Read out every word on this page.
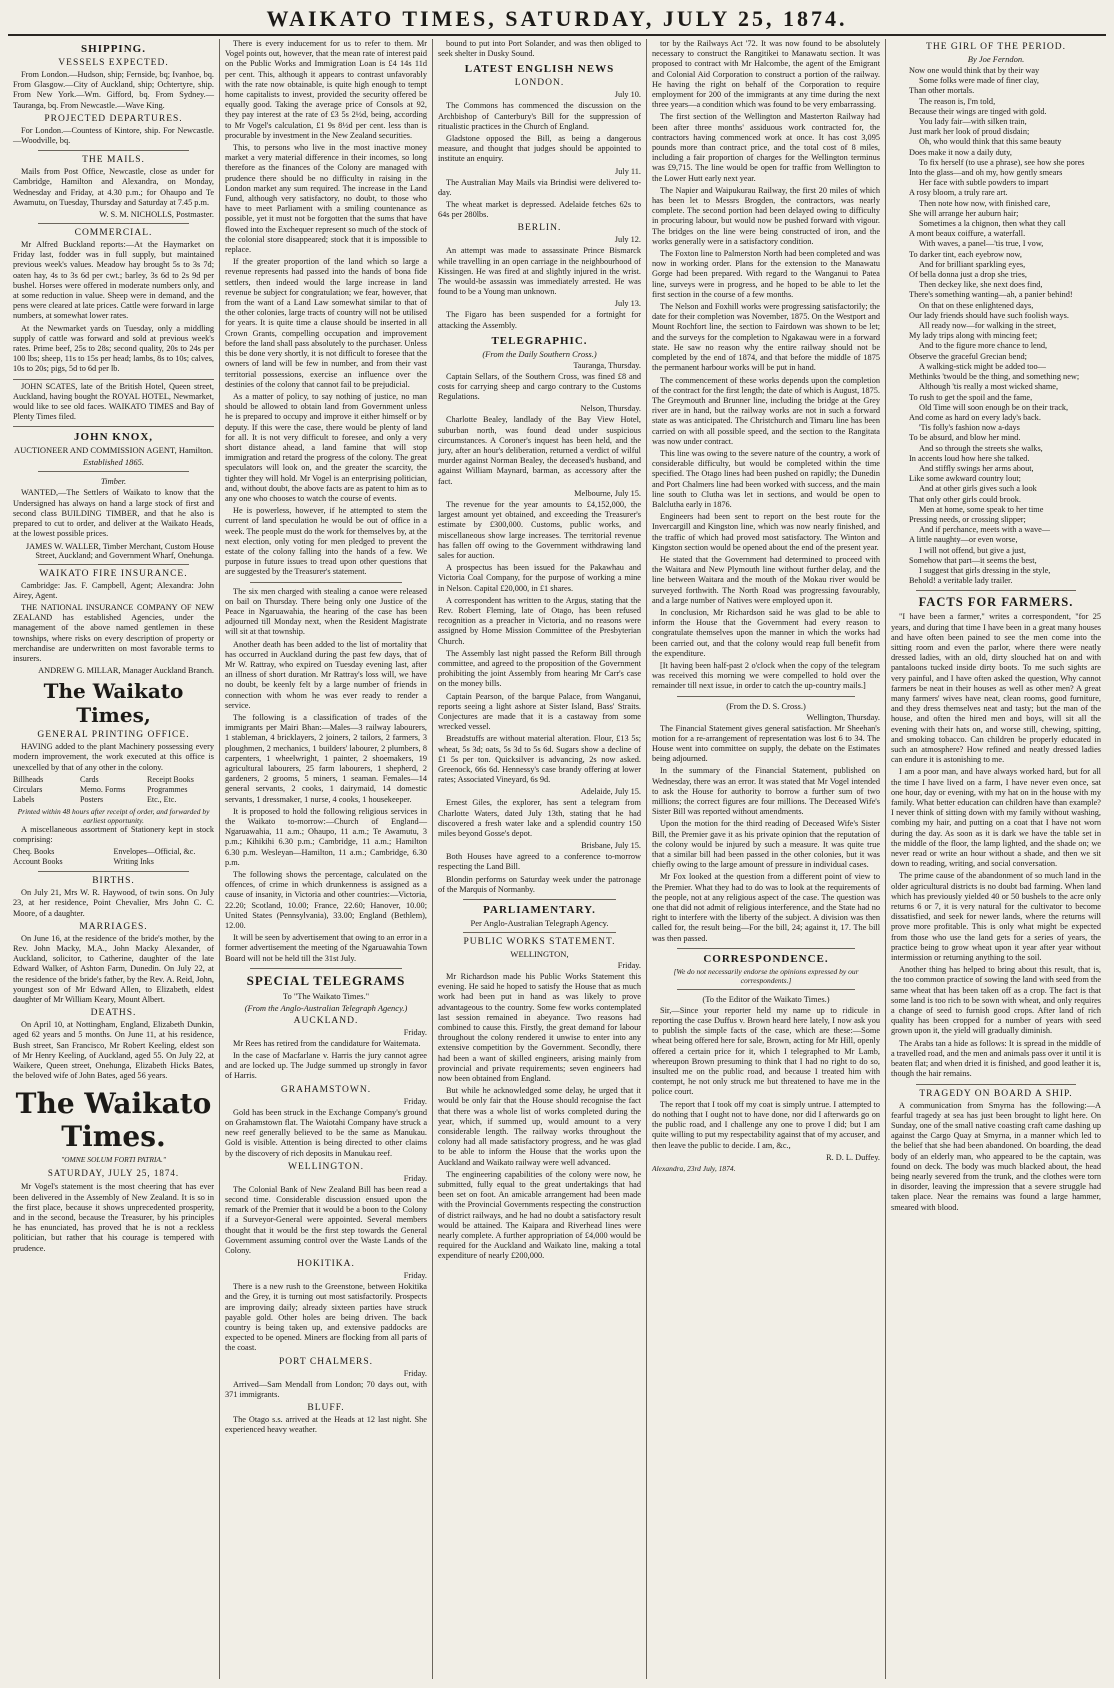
WAIKATO TIMES, SATURDAY, JULY 25, 1874.
SHIPPING.
VESSELS EXPECTED.

From London.—Hudson, ship; Fernside, bq; Ivanhoe, bq. From Glasgow.—City of Auckland, ship; Ochtertyre, ship. From New York.—Wm. Gifford, bq. From Sydney.—Tauranga, bq. From Newcastle.—Wave King.

PROJECTED DEPARTURES.

For London.—Countess of Kintore, ship. For Newcastle.—Woodville, bq.

THE MAILS.

Mails from Post Office, Newcastle, close as under for Cambridge, Hamilton and Alexandra, on Monday, Wednesday and Friday, at 4.30 p.m.; for Ohaupo and Te Awamutu, on Tuesday, Thursday and Saturday at 7.45 p.m.

W. S. M. NICHOLLS, Postmaster.
COMMERCIAL.

Mr Alfred Buckland reports:—At the Haymarket on Friday last, fodder was in full supply, but maintained previous week's values. Meadow hay brought 5s to 3s 7d; oaten hay, 4s to 3s 6d per cwt.; barley, 3s 6d to 2s 9d per bushel. Horses were offered in moderate numbers only, and at some reduction in value. Sheep were in demand, and the pens were cleared at late prices. Cattle were forward in large numbers, at somewhat lower rates.

At the Newmarket yards on Tuesday, only a middling supply of cattle was forward and sold at previous week's rates. Prime beef, 25s to 28s; second quality, 20s to 24s per 100 lbs; sheep, 11s to 15s per head; lambs, 8s to 10s; calves, 10s to 20s; pigs, 5d to 6d per lb.

JOHN SCATES, late of the British Hotel, Queen street, Auckland, having bought the ROYAL HOTEL, Newmarket, would like to see old faces. WAIKATO TIMES and Bay of Plenty Times filed.

JOHN KNOX,
AUCTIONEER AND COMMISSION AGENT, Hamilton.
Established 1865.
Timber.

WANTED,—The Settlers of Waikato to know that the Undersigned has always on hand a large stock of first and second class BUILDING TIMBER, and that he also is prepared to cut to order, and deliver at the Waikato Heads, at the lowest possible prices.

JAMES W. WALLER, Timber Merchant, Custom House Street, Auckland; and Government Wharf, Onehunga.
WAIKATO FIRE INSURANCE.

Cambridge: Jas. F. Campbell, Agent; Alexandra: John Airey, Agent.

THE NATIONAL INSURANCE COMPANY OF NEW ZEALAND has established Agencies, under the management of the above named gentlemen in these townships, where risks on every description of property or merchandise are underwritten on most favorable terms to insurers.

ANDREW G. MILLAR, Manager Auckland Branch.
The Waikato Times,
GENERAL PRINTING OFFICE.

HAVING added to the plant Machinery possessing every modern improvement, the work executed at this office is unexcelled by that of any other in the colony.

Billheads	Cards	Receipt Books
Circulars	Memo. Forms	Programmes
Labels	Posters	Etc., Etc.
Printed within 48 hours after receipt of order, and forwarded by earliest opportunity.

A miscellaneous assortment of Stationery kept in stock comprising:

Cheq. Books	Envelopes—Official, &c.
Account Books	Writing Inks
BIRTHS.

On July 21, Mrs W. R. Haywood, of twin sons. On July 23, at her residence, Point Chevalier, Mrs John C. C. Moore, of a daughter.

MARRIAGES.

On June 16, at the residence of the bride's mother, by the Rev. John Macky, M.A., John Macky Alexander, of Auckland, solicitor, to Catherine, daughter of the late Edward Walker, of Ashton Farm, Dunedin. On July 22, at the residence of the bride's father, by the Rev. A. Reid, John, youngest son of Mr Edward Allen, to Elizabeth, eldest daughter of Mr William Keary, Mount Albert.

DEATHS.

On April 10, at Nottingham, England, Elizabeth Dunkin, aged 62 years and 5 months. On June 11, at his residence, Bush street, San Francisco, Mr Robert Keeling, eldest son of Mr Henry Keeling, of Auckland, aged 55. On July 22, at Waikere, Queen street, Onehunga, Elizabeth Hicks Bates, the beloved wife of John Bates, aged 56 years.

The Waikato Times.
"OMNE SOLUM FORTI PATRIA."
SATURDAY, JULY 25, 1874.

Mr Vogel's statement is the most cheering that has ever been delivered in the Assembly of New Zealand. It is so in the first place, because it shows unprecedented prosperity, and in the second, because the Treasurer, by his principles he has enunciated, has proved that he is not a reckless politician, but rather that his courage is tempered with prudence.

There is every inducement for us to refer to them. Mr Vogel points out, however, that the mean rate of interest paid on the Public Works and Immigration Loan is £4 14s 11d per cent. This, although it appears to contrast unfavorably with the rate now obtainable, is quite high enough to tempt home capitalists to invest, provided the security offered be equally good. Taking the average price of Consols at 92, they pay interest at the rate of £3 5s 2½d, being, according to Mr Vogel's calculation, £1 9s 8½d per cent. less than is procurable by investment in the New Zealand securities.

This, to persons who live in the most inactive money market a very material difference in their incomes, so long therefore as the finances of the Colony are managed with prudence there should be no difficulty in raising in the London market any sum required. The increase in the Land Fund, although very satisfactory, no doubt, to those who have to meet Parliament with a smiling countenance as possible, yet it must not be forgotten that the sums that have flowed into the Exchequer represent so much of the stock of the colonial store disappeared; stock that it is impossible to replace.

If the greater proportion of the land which so large a revenue represents had passed into the hands of bona fide settlers, then indeed would the large increase in land revenue be subject for congratulation; we fear, however, that from the want of a Land Law somewhat similar to that of the other colonies, large tracts of country will not be utilised for years. It is quite time a clause should be inserted in all Crown Grants, compelling occupation and improvement before the land shall pass absolutely to the purchaser. Unless this be done very shortly, it is not difficult to foresee that the owners of land will be few in number, and from their vast territorial possessions, exercise an influence over the destinies of the colony that cannot fail to be prejudicial.

As a matter of policy, to say nothing of justice, no man should be allowed to obtain land from Government unless he is prepared to occupy and improve it either himself or by deputy. If this were the case, there would be plenty of land for all. It is not very difficult to foresee, and only a very short distance ahead, a land famine that will stop immigration and retard the progress of the colony. The great speculators will look on, and the greater the scarcity, the tighter they will hold. Mr Vogel is an enterprising politician, and, without doubt, the above facts are as patent to him as to any one who chooses to watch the course of events.

He is powerless, however, if he attempted to stem the current of land speculation he would be out of office in a week. The people must do the work for themselves by, at the next election, only voting for men pledged to prevent the estate of the colony falling into the hands of a few. We purpose in future issues to tread upon other questions that are suggested by the Treasurer's statement.

The six men charged with stealing a canoe were released on bail on Thursday. There being only one Justice of the Peace in Ngaruawahia, the hearing of the case has been adjourned till Monday next, when the Resident Magistrate will sit at that township.

Another death has been added to the list of mortality that has occurred in Auckland during the past few days, that of Mr W. Rattray, who expired on Tuesday evening last, after an illness of short duration. Mr Rattray's loss will, we have no doubt, be keenly felt by a large number of friends in connection with whom he was ever ready to render a service.

The following is a classification of trades of the immigrants per Mairi Bhan:—Males—3 railway labourers, 1 stableman, 4 bricklayers, 2 joiners, 2 tailors, 2 farmers, 3 ploughmen, 2 mechanics, 1 builders' labourer, 2 plumbers, 8 carpenters, 1 wheelwright, 1 painter, 2 shoemakers, 19 agricultural labourers, 25 farm labourers, 1 shepherd, 2 gardeners, 2 grooms, 5 miners, 1 seaman. Females—14 general servants, 2 cooks, 1 dairymaid, 14 domestic servants, 1 dressmaker, 1 nurse, 4 cooks, 1 housekeeper.

It is proposed to hold the following religious services in the Waikato to-morrow:—Church of England—Ngaruawahia, 11 a.m.; Ohaupo, 11 a.m.; Te Awamutu, 3 p.m.; Kihikihi 6.30 p.m.; Cambridge, 11 a.m.; Hamilton 6.30 p.m. Wesleyan—Hamilton, 11 a.m.; Cambridge, 6.30 p.m.

The following shows the percentage, calculated on the offences, of crime in which drunkenness is assigned as a cause of insanity, in Victoria and other countries:—Victoria, 22.20; Scotland, 10.00; France, 22.60; Hanover, 10.00; United States (Pennsylvania), 33.00; England (Bethlem), 12.00.

It will be seen by advertisement that owing to an error in a former advertisement the meeting of the Ngaruawahia Town Board will not be held till the 31st July.

SPECIAL TELEGRAMS
To "The Waikato Times."
(From the Anglo-Australian Telegraph Agency.)
AUCKLAND.
Friday.

Mr Rees has retired from the candidature for Waitemata.

In the case of Macfarlane v. Harris the jury cannot agree and are locked up. The Judge summed up strongly in favor of Harris.

GRAHAMSTOWN.
Friday.

Gold has been struck in the Exchange Company's ground on Grahamstown flat. The Waiotahi Company have struck a new reef generally believed to be the same as Manukau. Gold is visible. Attention is being directed to other claims by the discovery of rich deposits in Manukau reef.

WELLINGTON.
Friday.

The Colonial Bank of New Zealand Bill has been read a second time. Considerable discussion ensued upon the remark of the Premier that it would be a boon to the Colony if a Surveyor-General were appointed. Several members thought that it would be the first step towards the General Government assuming control over the Waste Lands of the Colony.

HOKITIKA.
Friday.

There is a new rush to the Greenstone, between Hokitika and the Grey, it is turning out most satisfactorily. Prospects are improving daily; already sixteen parties have struck payable gold. Other holes are being driven. The back country is being taken up, and extensive paddocks are expected to be opened. Miners are flocking from all parts of the coast.

PORT CHALMERS.
Friday.

Arrived—Sam Mendall from London; 70 days out, with 371 immigrants.

BLUFF.

The Otago s.s. arrived at the Heads at 12 last night. She experienced heavy weather.

bound to put into Port Solander, and was then obliged to seek shelter in Dusky Sound.

LATEST ENGLISH NEWS
LONDON.
July 10.

The Commons has commenced the discussion on the Archbishop of Canterbury's Bill for the suppression of ritualistic practices in the Church of England.

Gladstone opposed the Bill, as being a dangerous measure, and thought that judges should be appointed to institute an enquiry.

July 11.

The Australian May Mails via Brindisi were delivered to-day.

The wheat market is depressed. Adelaide fetches 62s to 64s per 280lbs.

BERLIN.
July 12.

An attempt was made to assassinate Prince Bismarck while travelling in an open carriage in the neighbourhood of Kissingen. He was fired at and slightly injured in the wrist. The would-be assassin was immediately arrested. He was found to be a Young man unknown.

July 13.

The Figaro has been suspended for a fortnight for attacking the Assembly.

TELEGRAPHIC.
(From the Daily Southern Cross.)
Tauranga, Thursday.

Captain Sellars, of the Southern Cross, was fined £8 and costs for carrying sheep and cargo contrary to the Customs Regulations.

Nelson, Thursday.

Charlotte Bealey, landlady of the Bay View Hotel, suburban north, was found dead under suspicious circumstances. A Coroner's inquest has been held, and the jury, after an hour's deliberation, returned a verdict of wilful murder against Norman Bealey, the deceased's husband, and against William Maynard, barman, as accessory after the fact.

Melbourne, July 15.

The revenue for the year amounts to £4,152,000, the largest amount yet obtained, and exceeding the Treasurer's estimate by £300,000. Customs, public works, and miscellaneous show large increases. The territorial revenue has fallen off owing to the Government withdrawing land sales for auction.

A prospectus has been issued for the Pakawhau and Victoria Coal Company, for the purpose of working a mine in Nelson. Capital £20,000, in £1 shares.

A correspondent has written to the Argus, stating that the Rev. Robert Fleming, late of Otago, has been refused recognition as a preacher in Victoria, and no reasons were assigned by Home Mission Committee of the Presbyterian Church.

The Assembly last night passed the Reform Bill through committee, and agreed to the proposition of the Government prohibiting the joint Assembly from hearing Mr Carr's case on the money bills.

Captain Pearson, of the barque Palace, from Wanganui, reports seeing a light ashore at Sister Island, Bass' Straits. Conjectures are made that it is a castaway from some wrecked vessel.

Breadstuffs are without material alteration. Flour, £13 5s; wheat, 5s 3d; oats, 5s 3d to 5s 6d. Sugars show a decline of £1 5s per ton. Quicksilver is advancing, 2s now asked. Greenock, 66s 6d. Hennessy's case brandy offering at lower rates; Associated Vineyard, 6s 9d.

Adelaide, July 15.

Ernest Giles, the explorer, has sent a telegram from Charlotte Waters, dated July 13th, stating that he had discovered a fresh water lake and a splendid country 150 miles beyond Gosse's depot.

Brisbane, July 15.

Both Houses have agreed to a conference to-morrow respecting the Land Bill.

Blondin performs on Saturday week under the patronage of the Marquis of Normanby.

PARLIAMENTARY.
Per Anglo-Australian Telegraph Agency.
PUBLIC WORKS STATEMENT.
WELLINGTON,
Friday.

Mr Richardson made his Public Works Statement this evening. He said he hoped to satisfy the House that as much work had been put in hand as was likely to prove advantageous to the country. Some few works contemplated last session remained in abeyance. Two reasons had combined to cause this. Firstly, the great demand for labour throughout the colony rendered it unwise to enter into any extensive competition by the Government. Secondly, there had been a want of skilled engineers, arising mainly from provincial and private requirements; seven engineers had now been obtained from England.

But while he acknowledged some delay, he urged that it would be only fair that the House should recognise the fact that there was a whole list of works completed during the year, which, if summed up, would amount to a very considerable length. The railway works throughout the colony had all made satisfactory progress, and he was glad to be able to inform the House that the works upon the Auckland and Waikato railway were well advanced.

The engineering capabilities of the colony were now, he submitted, fully equal to the great undertakings that had been set on foot. An amicable arrangement had been made with the Provincial Governments respecting the construction of district railways, and he had no doubt a satisfactory result would be attained. The Kaipara and Riverhead lines were nearly complete. A further appropriation of £4,000 would be required for the Auckland and Waikato line, making a total expenditure of nearly £200,000.

tor by the Railways Act '72. It was now found to be absolutely necessary to construct the Rangitikei to Manawatu section. It was proposed to contract with Mr Halcombe, the agent of the Emigrant and Colonial Aid Corporation to construct a portion of the railway. He having the right on behalf of the Corporation to require employment for 200 of the immigrants at any time during the next three years—a condition which was found to be very embarrassing.

The first section of the Wellington and Masterton Railway had been after three months' assiduous work contracted for, the contractors having commenced work at once. It has cost 3,095 pounds more than contract price, and the total cost of 8 miles, including a fair proportion of charges for the Wellington terminus was £9,715. The line would be open for traffic from Wellington to the Lower Hutt early next year.

The Napier and Waipukurau Railway, the first 20 miles of which has been let to Messrs Brogden, the contractors, was nearly complete. The second portion had been delayed owing to difficulty in procuring labour, but would now be pushed forward with vigour. The bridges on the line were being constructed of iron, and the works generally were in a satisfactory condition.

The Foxton line to Palmerston North had been completed and was now in working order. Plans for the extension to the Manawatu Gorge had been prepared. With regard to the Wanganui to Patea line, surveys were in progress, and he hoped to be able to let the first section in the course of a few months.

The Nelson and Foxhill works were progressing satisfactorily; the date for their completion was November, 1875. On the Westport and Mount Rochfort line, the section to Fairdown was shown to be let; and the surveys for the completion to Ngakawau were in a forward state. He saw no reason why the entire railway should not be completed by the end of 1874, and that before the middle of 1875 the permanent harbour works will be put in hand.

The commencement of these works depends upon the completion of the contract for the first length; the date of which is August, 1875. The Greymouth and Brunner line, including the bridge at the Grey river are in hand, but the railway works are not in such a forward state as was anticipated. The Christchurch and Timaru line has been carried on with all possible speed, and the section to the Rangitata was now under contract.

This line was owing to the severe nature of the country, a work of considerable difficulty, but would be completed within the time specified. The Otago lines had been pushed on rapidly; the Dunedin and Port Chalmers line had been worked with success, and the main line south to Clutha was let in sections, and would be open to Balclutha early in 1876.

Engineers had been sent to report on the best route for the Invercargill and Kingston line, which was now nearly finished, and the traffic of which had proved most satisfactory. The Winton and Kingston section would be opened about the end of the present year.

He stated that the Government had determined to proceed with the Waitara and New Plymouth line without further delay, and the line between Waitara and the mouth of the Mokau river would be surveyed forthwith. The North Road was progressing favourably, and a large number of Natives were employed upon it.

In conclusion, Mr Richardson said he was glad to be able to inform the House that the Government had every reason to congratulate themselves upon the manner in which the works had been carried out, and that the colony would reap full benefit from the expenditure.

[It having been half-past 2 o'clock when the copy of the telegram was received this morning we were compelled to hold over the remainder till next issue, in order to catch the up-country mails.]

(From the D. S. Cross.)
Wellington, Thursday.

The Financial Statement gives general satisfaction. Mr Sheehan's motion for a re-arrangement of representation was lost 6 to 34. The House went into committee on supply, the debate on the Estimates being adjourned.

In the summary of the Financial Statement, published on Wednesday, there was an error. It was stated that Mr Vogel intended to ask the House for authority to borrow a further sum of two millions; the correct figures are four millions. The Deceased Wife's Sister Bill was reported without amendments.

Upon the motion for the third reading of Deceased Wife's Sister Bill, the Premier gave it as his private opinion that the reputation of the colony would be injured by such a measure. It was quite true that a similar bill had been passed in the other colonies, but it was chiefly owing to the large amount of pressure in individual cases.

Mr Fox looked at the question from a different point of view to the Premier. What they had to do was to look at the requirements of the people, not at any religious aspect of the case. The question was one that did not admit of religious interference, and the State had no right to interfere with the liberty of the subject. A division was then called for, the result being—For the bill, 24; against it, 17. The bill was then passed.

CORRESPONDENCE.
[We do not necessarily endorse the opinions expressed by our correspondents.]
(To the Editor of the Waikato Times.)

Sir,—Since your reporter held my name up to ridicule in reporting the case Duffus v. Brown heard here lately, I now ask you to publish the simple facts of the case, which are these:—Some wheat being offered here for sale, Brown, acting for Mr Hill, openly offered a certain price for it, which I telegraphed to Mr Lamb, whereupon Brown presuming to think that I had no right to do so, insulted me on the public road, and because I treated him with contempt, he not only struck me but threatened to have me in the police court.

The report that I took off my coat is simply untrue. I attempted to do nothing that I ought not to have done, nor did I afterwards go on the public road, and I challenge any one to prove I did; but I am quite willing to put my respectability against that of my accuser, and then leave the public to decide. I am, &c.,

R. D. L. Duffey.
Alexandra, 23rd July, 1874.
THE GIRL OF THE PERIOD.
By Joe Ferndon.
Now one would think that by their way
Some folks were made of finer clay,
Than other mortals.
The reason is, I'm told,
Because their wings are tinged with gold.
You lady fair—with silken train,
Just mark her look of proud disdain;
Oh, who would think that this same beauty
Does make it now a daily duty,
To fix herself (to use a phrase), see how she pores
Into the glass—and oh my, how gently smears
Her face with subtle powders to impart
A rosy bloom, a truly rare art.
Then note how now, with finished care,
She will arrange her auburn hair;
Sometimes a la chignon, then what they call
A mont beaux coiffure, a waterfall.
With waves, a panel—'tis true, I vow,
To darker tint, each eyebrow now,
And for brilliant sparkling eyes,
Of bella donna just a drop she tries,
Then deckey like, she next does find,
There's something wanting—ah, a panier behind!
On that on these enlightened days,
Our lady friends should have such foolish ways.
All ready now—for walking in the street,
My lady trips along with mincing feet;
And to the figure more chance to lend,
Observe the graceful Grecian bend;
A walking-stick might be added too—
Methinks 'twould be the thing, and something new;
Although 'tis really a most wicked shame,
To rush to get the spoil and the fame,
Old Time will soon enough be on their track,
And come as hard on every lady's back.
'Tis folly's fashion now a-days
To be absurd, and blow her mind.
And so through the streets she walks,
In accents loud how here she talked.
And stiffly swings her arms about,
Like some awkward country lout;
And at other girls gives such a look
That only other girls could brook.
Men at home, some speak to her time
Pressing needs, or crossing slipper;
And if perchance, meets with a wave—
A little naughty—or even worse,
I will not offend, but give a just,
Somehow that part—it seems the best,
I suggest that girls dressing in the style,
Behold! a veritable lady trailer.
FACTS FOR FARMERS.

"I have been a farmer," writes a correspondent, "for 25 years, and during that time I have been in a great many houses and have often been pained to see the men come into the sitting room and even the parlor, where there were neatly dressed ladies, with an old, dirty slouched hat on and with pantaloons tucked inside dirty boots. To me such sights are very painful, and I have often asked the question, Why cannot farmers be neat in their houses as well as other men? A great many farmers' wives have neat, clean rooms, good furniture, and they dress themselves neat and tasty; but the man of the house, and often the hired men and boys, will sit all the evening with their hats on, and worse still, chewing, spitting, and smoking tobacco. Can children be properly educated in such an atmosphere? How refined and neatly dressed ladies can endure it is astonishing to me.

I am a poor man, and have always worked hard, but for all the time I have lived on a farm, I have never even once, sat one hour, day or evening, with my hat on in the house with my family. What better education can children have than example? I never think of sitting down with my family without washing, combing my hair, and putting on a coat that I have not worn during the day. As soon as it is dark we have the table set in the middle of the floor, the lamp lighted, and the shade on; we never read or write an hour without a shade, and then we sit down to reading, writing, and social conversation.

The prime cause of the abandonment of so much land in the older agricultural districts is no doubt bad farming. When land which has previously yielded 40 or 50 bushels to the acre only returns 6 or 7, it is very natural for the cultivator to become dissatisfied, and seek for newer lands, where the returns will prove more profitable. This is only what might be expected from those who use the land gets for a series of years, the practice being to grow wheat upon it year after year without intermission or returning anything to the soil.

Another thing has helped to bring about this result, that is, the too common practice of sowing the land with seed from the same wheat that has been taken off as a crop. The fact is that some land is too rich to be sown with wheat, and only requires a change of seed to furnish good crops. After land of rich quality has been cropped for a number of years with seed grown upon it, the yield will gradually diminish.

The Arabs tan a hide as follows: It is spread in the middle of a travelled road, and the men and animals pass over it until it is beaten flat; and when dried it is finished, and good leather it is, though the hair remains.

TRAGEDY ON BOARD A SHIP.

A communication from Smyrna has the following:—A fearful tragedy at sea has just been brought to light here. On Sunday, one of the small native coasting craft came dashing up against the Cargo Quay at Smyrna, in a manner which led to the belief that she had been abandoned. On boarding, the dead body of an elderly man, who appeared to be the captain, was found on deck. The body was much blacked about, the head being nearly severed from the trunk, and the clothes were torn in disorder, leaving the impression that a severe struggle had taken place. Near the remains was found a large hammer, smeared with blood.
